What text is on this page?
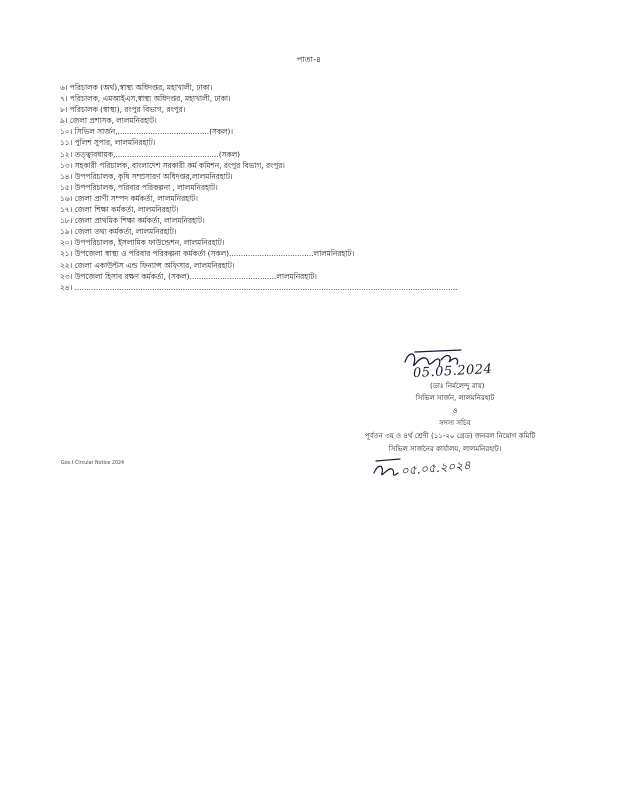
পাতা-৪
৬। পরিচালক (অর্থ),স্বাস্থ্য অধিদপ্তর, মহাখালী, ঢাকা।
৭। পরিচালক, এমআইএস,স্বাস্থ্য অধিদপ্তর, মহাখালী, ঢাকা।
৮। পরিচালক (স্বাস্থ্য), রংপুর বিভাগ, রংপুর।
৯। জেলা প্রশাসক, লালমনিরহাট।
১০। সিভিল সার্জন,.......................................(সকল)।
১১। পুলিশ সুপার, লালমনিরহাট।
১২। তত্ত্বাবধায়ক,............................................(সকল)
১৩। সহকারী পরিচালক, বাংলাদেশ সরকারী কর্ম কমিশন, রংপুর বিভাগ, রংপুর।
১৪। উপপরিচালক, কৃষি সম্প্রসারণ অধিদপ্তর,লালমনিরহাট।
১৫। উপপরিচালক, পরিবার পরিকল্পনা , লালমনিরহাট।
১৬। জেলা প্রাণী সম্পদ কর্মকর্তা, লালমনিরহাট।
১৭। জেলা শিক্ষা কর্মকর্তা, লালমনিরহাট।
১৮। জেলা প্রাথমিক শিক্ষা কর্মকর্তা, লালমনিরহাট।
১৯। জেলা তথ্য কর্মকর্তা, লালমনিরহাট।
২০। উপপরিচালক, ইসলামিক ফাউন্ডেশন, লালমনিরহাট।
২১। উপজেলা স্বাস্থ্য ও পরিবার পরিকল্পনা কর্মকর্তা (সকল)....................................লালমনিরহাট।
২২। জেলা একাউন্টস এন্ড ফিন্যান্স অফিসার, লালমনিরহাট।
২৩। উপজেলা হিসাব রক্ষণ কর্মকর্তা, (সকল).....................................লালমনিরহাট।
২৪। ...................................................................................................................................................................
05.05.2024
(ডাঃ নির্মলেন্দু রায়)
সিভিল সার্জন, লালমনিরহাট
ও
সদস্য সচিব
পূর্বতন ৩য় ও ৪র্থ শ্রেণী (১১-২০ গ্রেড) জনবল নিয়োগ কমিটি
সিভিল সার্জনের কার্যালয়, লালমনিরহাট।
০৫.০৫.২০২৪
Gov.t Circular Notice 2024
